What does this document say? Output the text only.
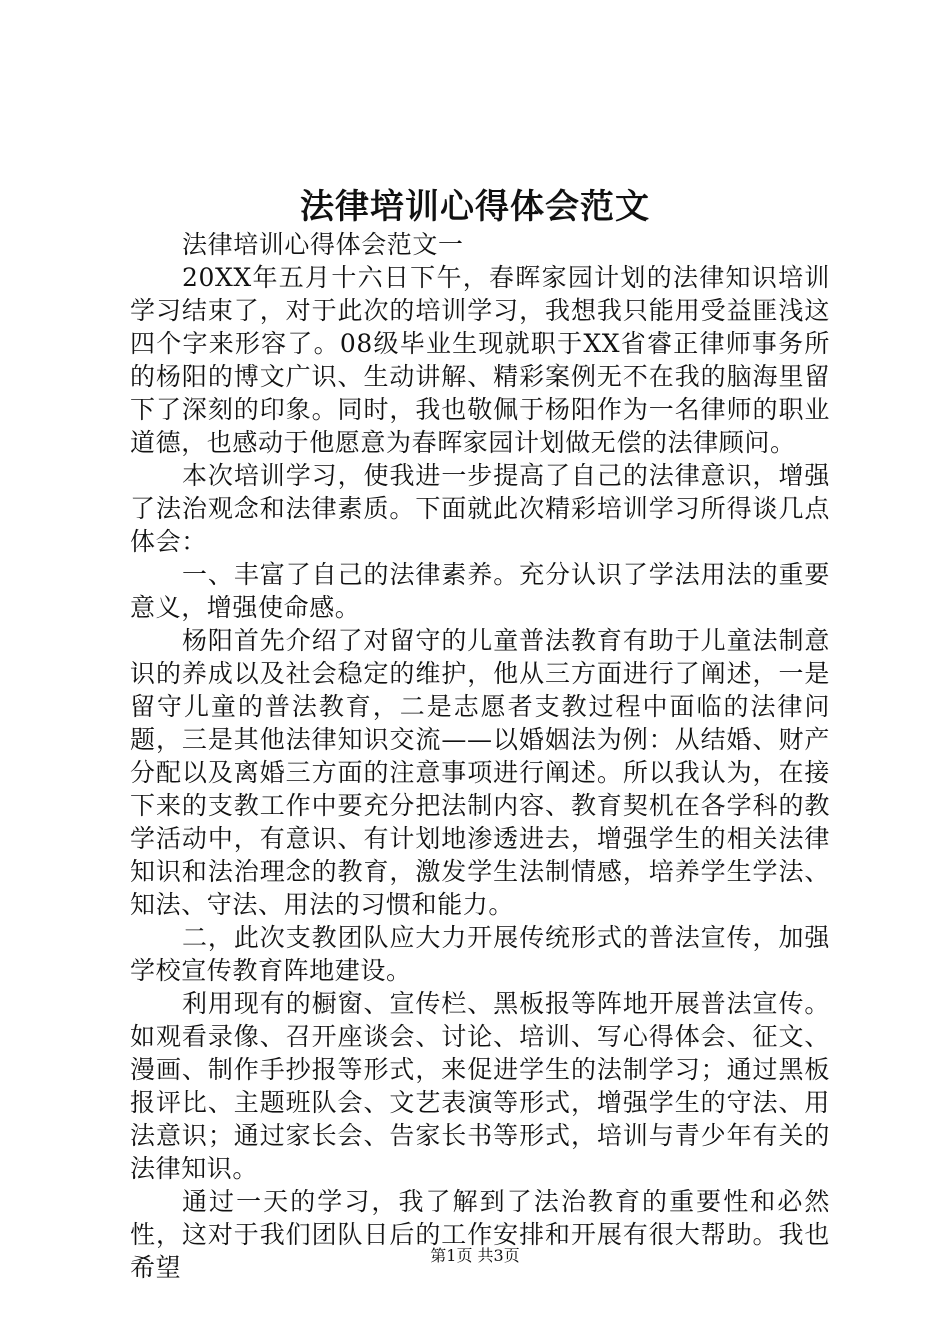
法律培训心得体会范文

法律培训心得体会范文一

20XX年五月十六日下午，春晖家园计划的法律知识培训学习结束了，对于此次的培训学习，我想我只能用受益匪浅这四个字来形容了。08级毕业生现就职于XX省睿正律师事务所的杨阳的博文广识、生动讲解、精彩案例无不在我的脑海里留下了深刻的印象。同时，我也敬佩于杨阳作为一名律师的职业道德，也感动于他愿意为春晖家园计划做无偿的法律顾问。

本次培训学习，使我进一步提高了自己的法律意识，增强了法治观念和法律素质。下面就此次精彩培训学习所得谈几点体会：

一、丰富了自己的法律素养。充分认识了学法用法的重要意义，增强使命感。

杨阳首先介绍了对留守的儿童普法教育有助于儿童法制意识的养成以及社会稳定的维护，他从三方面进行了阐述，一是留守儿童的普法教育，二是志愿者支教过程中面临的法律问题，三是其他法律知识交流——以婚姻法为例：从结婚、财产分配以及离婚三方面的注意事项进行阐述。所以我认为，在接下来的支教工作中要充分把法制内容、教育契机在各学科的教学活动中，有意识、有计划地渗透进去，增强学生的相关法律知识和法治理念的教育，激发学生法制情感，培养学生学法、知法、守法、用法的习惯和能力。

二，此次支教团队应大力开展传统形式的普法宣传，加强学校宣传教育阵地建设。

利用现有的橱窗、宣传栏、黑板报等阵地开展普法宣传。如观看录像、召开座谈会、讨论、培训、写心得体会、征文、漫画、制作手抄报等形式，来促进学生的法制学习；通过黑板报评比、主题班队会、文艺表演等形式，增强学生的守法、用法意识；通过家长会、告家长书等形式，培训与青少年有关的法律知识。

通过一天的学习，我了解到了法治教育的重要性和必然性，这对于我们团队日后的工作安排和开展有很大帮助。我也希望	第1页 共3页
